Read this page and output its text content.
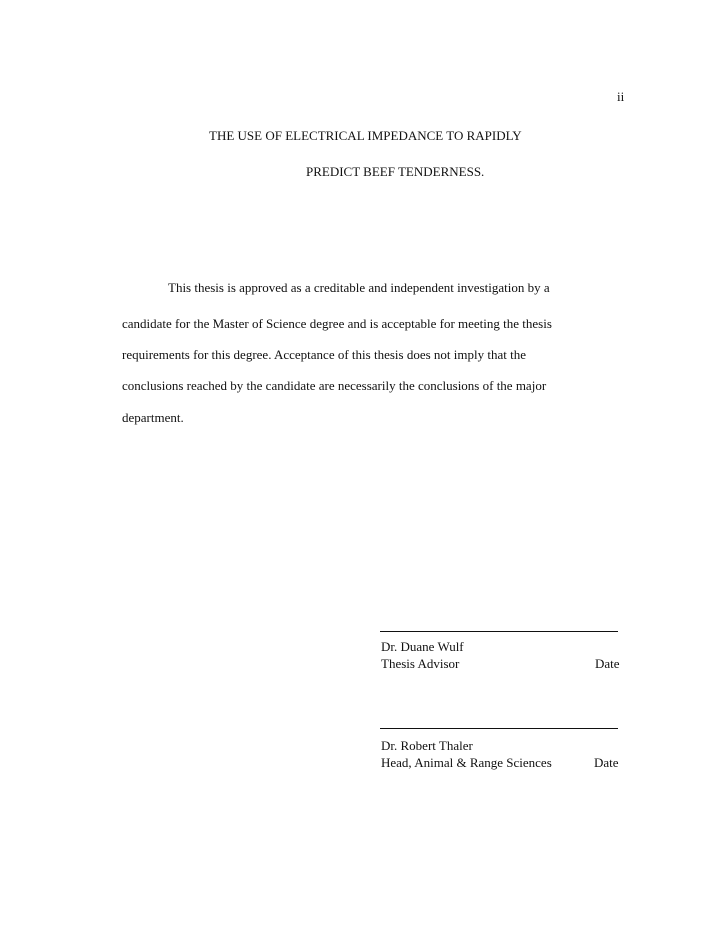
ii
THE USE OF ELECTRICAL IMPEDANCE TO RAPIDLY
PREDICT BEEF TENDERNESS.
This thesis is approved as a creditable and independent investigation by a
candidate for the Master of Science degree and is acceptable for meeting the thesis
requirements for this degree. Acceptance of this thesis does not imply that the
conclusions reached by the candidate are necessarily the conclusions of the major
department.
Dr. Duane Wulf
Thesis Advisor	Date
Dr. Robert Thaler
Head, Animal & Range Sciences	Date
